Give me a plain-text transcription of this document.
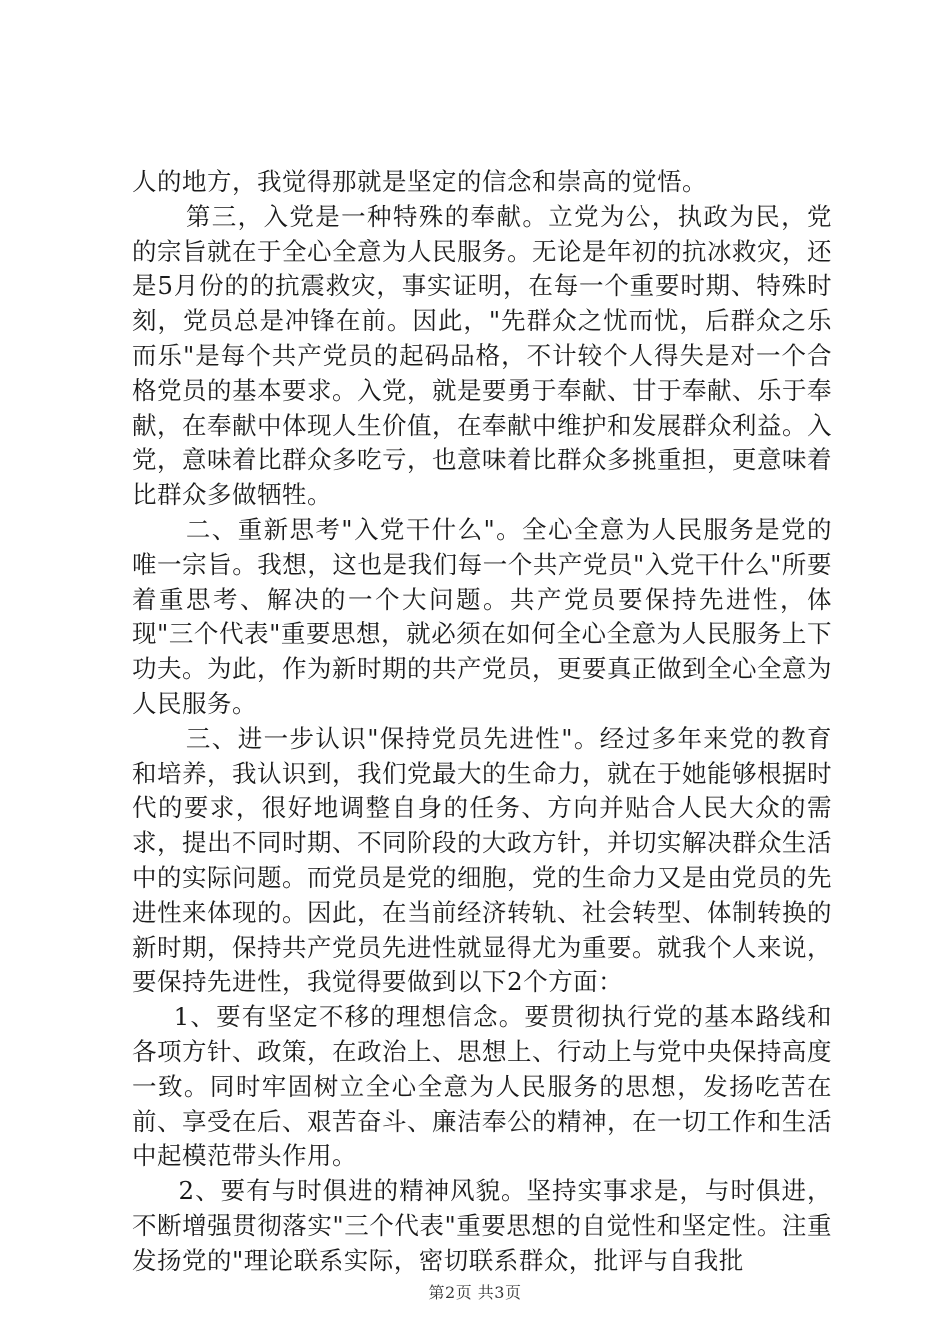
人的地方，我觉得那就是坚定的信念和崇高的觉悟。

第三，入党是一种特殊的奉献。立党为公，执政为民，党的宗旨就在于全心全意为人民服务。无论是年初的抗冰救灾，还是5月份的的抗震救灾，事实证明，在每一个重要时期、特殊时刻，党员总是冲锋在前。因此，"先群众之忧而忧，后群众之乐而乐"是每个共产党员的起码品格，不计较个人得失是对一个合格党员的基本要求。入党，就是要勇于奉献、甘于奉献、乐于奉献，在奉献中体现人生价值，在奉献中维护和发展群众利益。入党，意味着比群众多吃亏，也意味着比群众多挑重担，更意味着比群众多做牺牲。

二、重新思考"入党干什么"。全心全意为人民服务是党的唯一宗旨。我想，这也是我们每一个共产党员"入党干什么"所要着重思考、解决的一个大问题。共产党员要保持先进性，体现"三个代表"重要思想，就必须在如何全心全意为人民服务上下功夫。为此，作为新时期的共产党员，更要真正做到全心全意为人民服务。

三、进一步认识"保持党员先进性"。经过多年来党的教育和培养，我认识到，我们党最大的生命力，就在于她能够根据时代的要求，很好地调整自身的任务、方向并贴合人民大众的需求，提出不同时期、不同阶段的大政方针，并切实解决群众生活中的实际问题。而党员是党的细胞，党的生命力又是由党员的先进性来体现的。因此，在当前经济转轨、社会转型、体制转换的新时期，保持共产党员先进性就显得尤为重要。就我个人来说，要保持先进性，我觉得要做到以下2个方面：

1、要有坚定不移的理想信念。要贯彻执行党的基本路线和各项方针、政策，在政治上、思想上、行动上与党中央保持高度一致。同时牢固树立全心全意为人民服务的思想，发扬吃苦在前、享受在后、艰苦奋斗、廉洁奉公的精神，在一切工作和生活中起模范带头作用。

2、要有与时俱进的精神风貌。坚持实事求是，与时俱进，不断增强贯彻落实"三个代表"重要思想的自觉性和坚定性。注重发扬党的"理论联系实际，密切联系群众，批评与自我批

第2页 共3页
